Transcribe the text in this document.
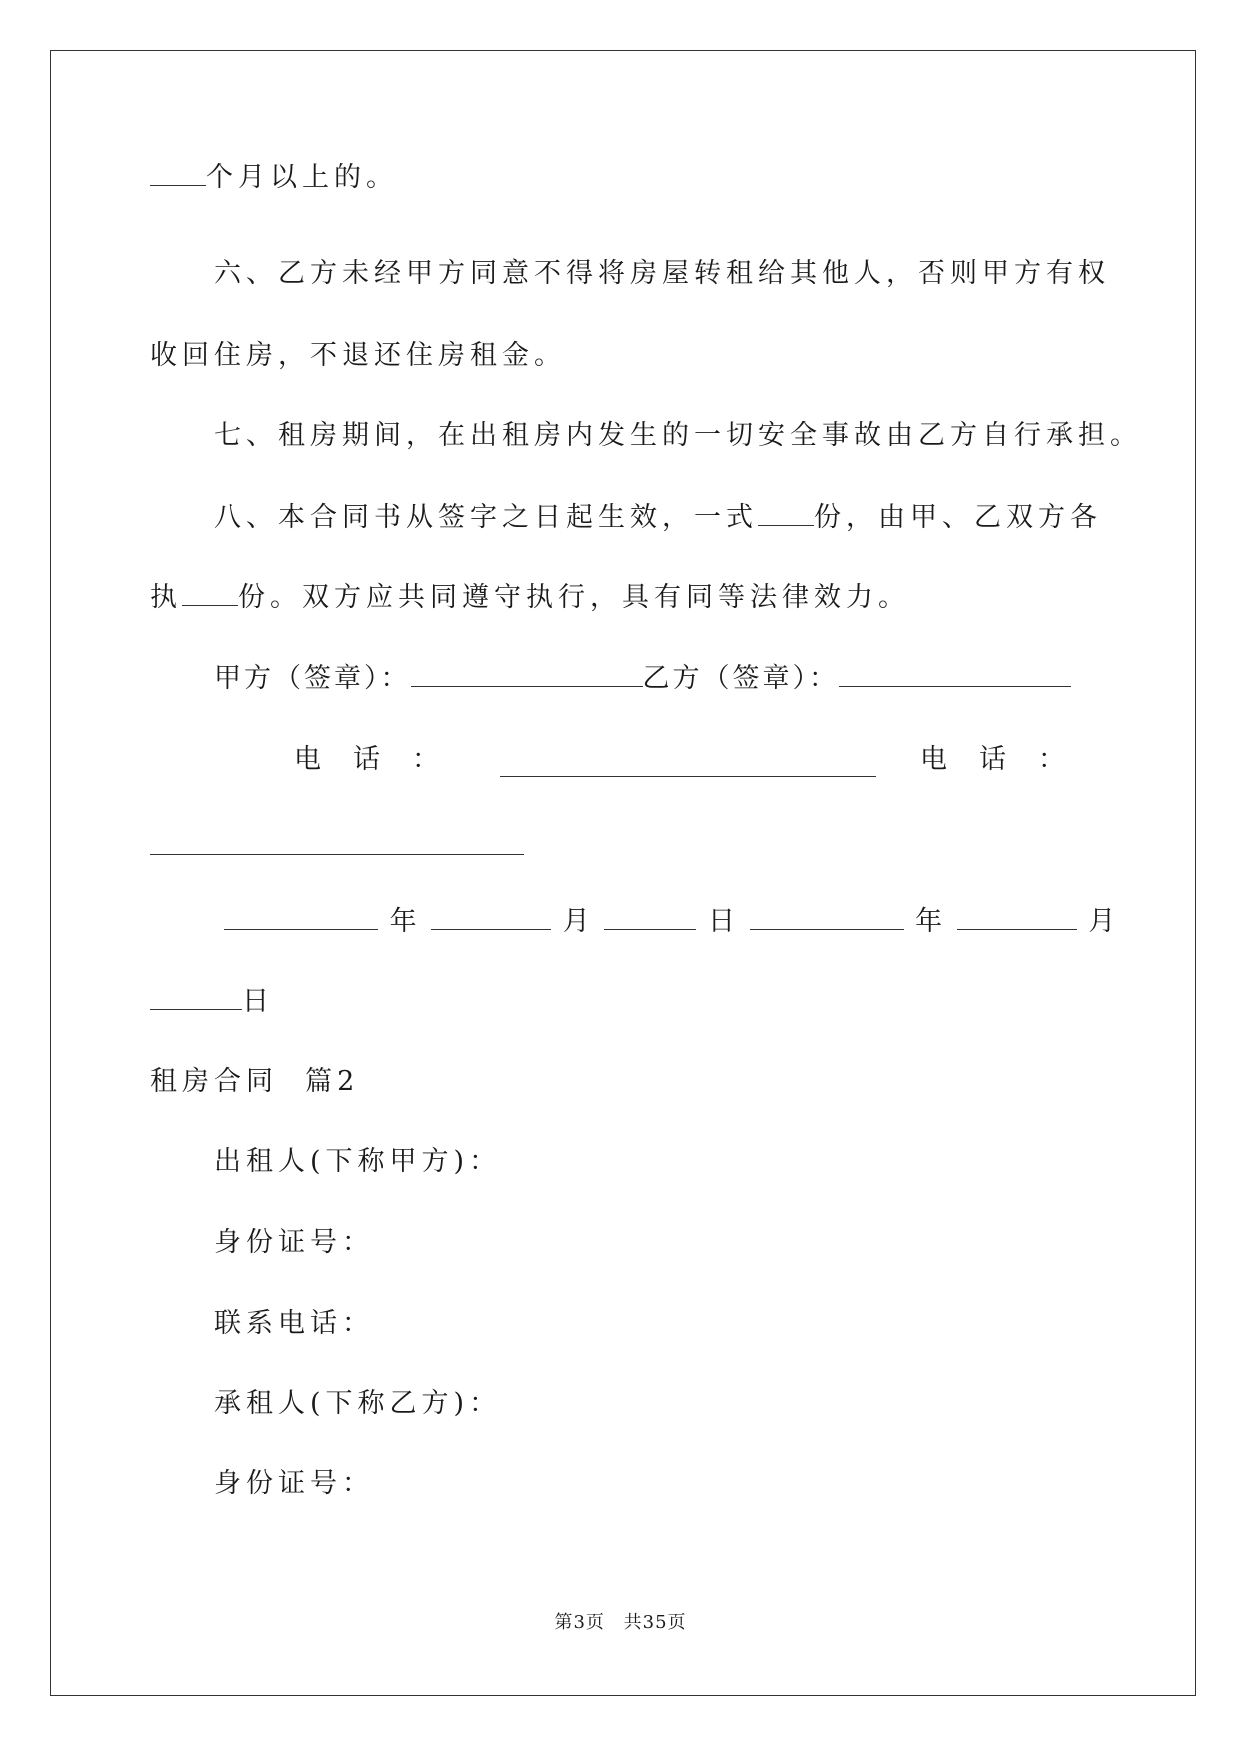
个月以上的。
六、乙方未经甲方同意不得将房屋转租给其他人，否则甲方有权
收回住房，不退还住房租金。
七、租房期间，在出租房内发生的一切安全事故由乙方自行承担。
八、本合同书从签字之日起生效，一式 份，由甲、乙双方各
执 份。双方应共同遵守执行，具有同等法律效力。
甲方（签章）：	乙方（签章）：
电话：	电话：
年	月	日	年	月
日
租房合同  篇2
出租人(下称甲方)：
身份证号：
联系电话：
承租人(下称乙方)：
身份证号：
第3页 共35页
